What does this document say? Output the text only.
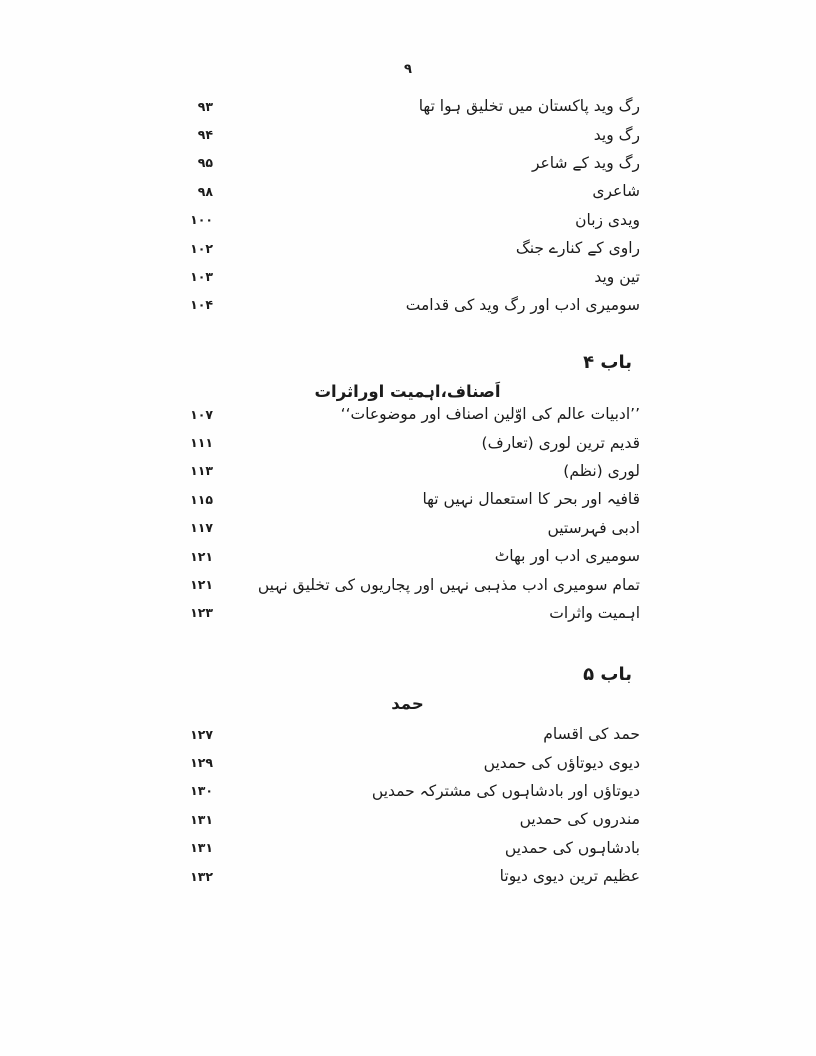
۹
۹۳	رگ وید پاکستان میں تخلیق ہوا تھا
۹۴	رگ وید
۹۵	رگ وید کے شاعر
۹۸	شاعری
۱۰۰	ویدی زبان
۱۰۲	راوی کے کنارے جنگ
۱۰۳	تین وید
۱۰۴	سومیری ادب اور رگ وید کی قدامت
باب ۴
اَصناف،اہمیت اوراثرات
۱۰۷	’’ادبیات عالم کی اوّلین اصناف اور موضوعات‘‘
۱۱۱	قدیم ترین لوری (تعارف)
۱۱۳	لوری (نظم)
۱۱۵	قافیہ اور بحر کا استعمال نہیں تھا
۱۱۷	ادبی فہرستیں
۱۲۱	سومیری ادب اور بھاٹ
۱۲۱	تمام سومیری ادب مذہبی نہیں اور پجاریوں کی تخلیق نہیں
۱۲۳	اہمیت واثرات
باب ۵
حمد
۱۲۷	حمد کی اقسام
۱۲۹	دیوی دیوتاؤں کی حمدیں
۱۳۰	دیوتاؤں اور بادشاہوں کی مشترکہ حمدیں
۱۳۱	مندروں کی حمدیں
۱۳۱	بادشاہوں کی حمدیں
۱۳۲	عظیم ترین دیوی دیوتا
